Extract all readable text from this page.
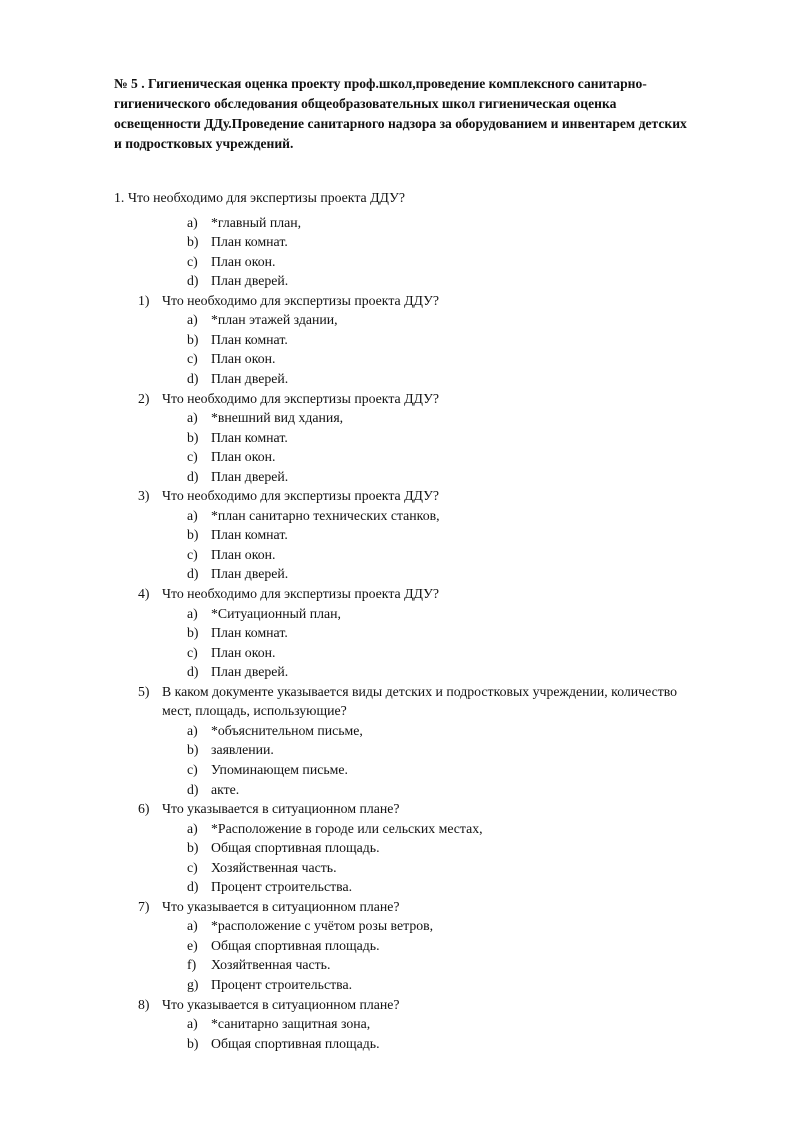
№ 5 . Гигиеническая оценка проекту проф.школ,проведение комплексного санитарно-
гигиенического обследования общеобразовательных школ гигиеническая оценка
освещенности ДДу.Проведение санитарного надзора за оборудованием и инвентарем детских
и подростковых учреждений.
1. Что необходимо для экспертизы проекта ДДУ?
a) *главный план,
b) План комнат.
c) План окон.
d) План дверей.
1) Что необходимо для экспертизы проекта ДДУ?
a) *план этажей здании,
b) План комнат.
c) План окон.
d) План дверей.
2) Что необходимо для экспертизы проекта ДДУ?
a) *внешний вид хдания,
b) План комнат.
c) План окон.
d) План дверей.
3) Что необходимо для экспертизы проекта ДДУ?
a) *план санитарно технических станков,
b) План комнат.
c) План окон.
d) План дверей.
4) Что необходимо для экспертизы проекта ДДУ?
a) *Ситуационный план,
b) План комнат.
c) План окон.
d) План дверей.
5) В каком документе указывается виды детских и подростковых учреждении, количество
мест, площадь, использующие?
a) *объяснительном письме,
b) заявлении.
c) Упоминающем письме.
d) акте.
6) Что указывается в ситуационном плане?
a) *Расположение в городе или сельских местах,
b) Общая спортивная площадь.
c) Хозяйственная часть.
d) Процент строительства.
7) Что указывается в ситуационном плане?
a) *расположение с учётом розы ветров,
e) Общая спортивная площадь.
f) Хозяйтвенная часть.
g) Процент строительства.
8) Что указывается в ситуационном плане?
a) *санитарно защитная зона,
b) Общая спортивная площадь.
